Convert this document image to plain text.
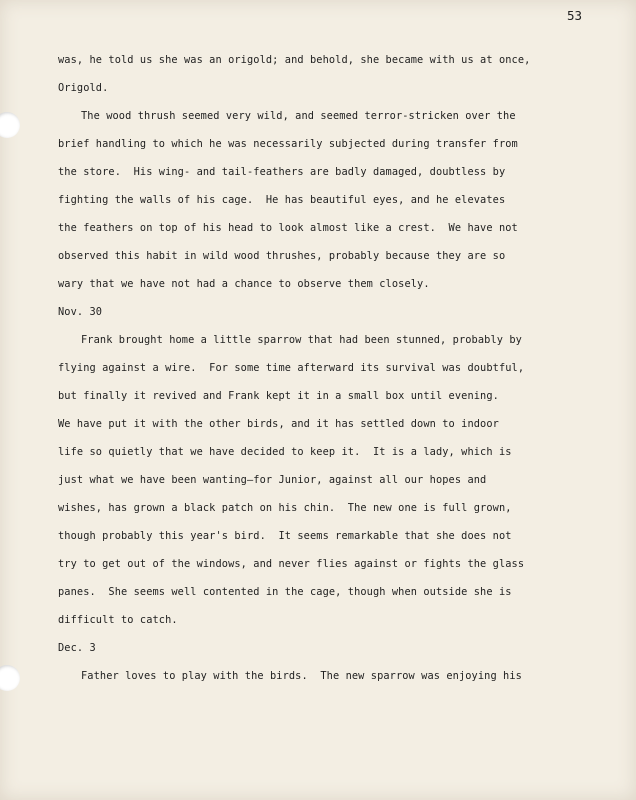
53
was, he told us she was an origold; and behold, she became with us at once,
Origold.
The wood thrush seemed very wild, and seemed terror-stricken over the
brief handling to which he was necessarily subjected during transfer from
the store.  His wing- and tail-feathers are badly damaged, doubtless by
fighting the walls of his cage.  He has beautiful eyes, and he elevates
the feathers on top of his head to look almost like a crest.  We have not
observed this habit in wild wood thrushes, probably because they are so
wary that we have not had a chance to observe them closely.
Nov. 30
Frank brought home a little sparrow that had been stunned, probably by
flying against a wire.  For some time afterward its survival was doubtful,
but finally it revived and Frank kept it in a small box until evening.
We have put it with the other birds, and it has settled down to indoor
life so quietly that we have decided to keep it.  It is a lady, which is
just what we have been wanting—for Junior, against all our hopes and
wishes, has grown a black patch on his chin.  The new one is full grown,
though probably this year's bird.  It seems remarkable that she does not
try to get out of the windows, and never flies against or fights the glass
panes.  She seems well contented in the cage, though when outside she is
difficult to catch.
Dec. 3
Father loves to play with the birds.  The new sparrow was enjoying his
